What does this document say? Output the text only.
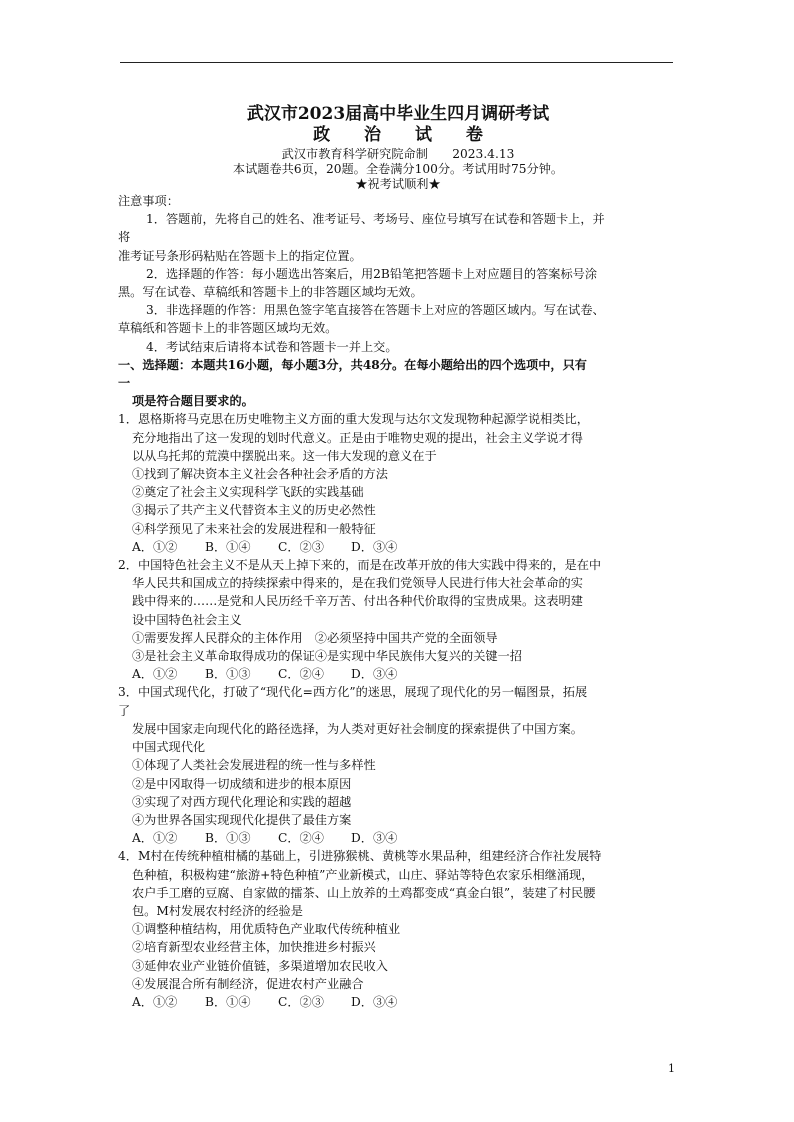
武汉市2023届高中毕业生四月调研考试
政 治 试 卷
武汉市教育科学研究院命制　　2023.4.13
本试题卷共6页，20题。全卷满分100分。考试用时75分钟。
★祝考试顺利★
注意事项：
1．答题前，先将自己的姓名、准考证号、考场号、座位号填写在试卷和答题卡上，并
将
准考证号条形码粘贴在答题卡上的指定位置。
2．选择题的作答：每小题选出答案后，用2B铅笔把答题卡上对应题目的答案标号涂
黑。写在试卷、草稿纸和答题卡上的非答题区域均无效。
3．非选择题的作答：用黑色签字笔直接答在答题卡上对应的答题区域内。写在试卷、
草稿纸和答题卡上的非答题区域均无效。
4．考试结束后请将本试卷和答题卡一并上交。
一、选择题：本题共16小题，每小题3分，共48分。在每小题给出的四个选项中，只有
一
项是符合题目要求的。
1．恩格斯将马克思在历史唯物主义方面的重大发现与达尔文发现物种起源学说相类比，
充分地指出了这一发现的划时代意义。正是由于唯物史观的提出，社会主义学说才得
以从乌托邦的荒漠中摆脱出来。这一伟大发现的意义在于
①找到了解决资本主义社会各种社会矛盾的方法
②奠定了社会主义实现科学飞跃的实践基础
③揭示了共产主义代替资本主义的历史必然性
④科学预见了未来社会的发展进程和一般特征
A．①②	B．①④	C．②③	D．③④
2．中国特色社会主义不是从天上掉下来的，而是在改革开放的伟大实践中得来的，是在中
华人民共和国成立的持续探索中得来的，是在我们党领导人民进行伟大社会革命的实
践中得来的……是党和人民历经千辛万苦、付出各种代价取得的宝贵成果。这表明建
设中国特色社会主义
①需要发挥人民群众的主体作用　②必须坚持中国共产党的全面领导
③是社会主义革命取得成功的保证④是实现中华民族伟大复兴的关键一招
A．①②	B．①③	C．②④	D．③④
3．中国式现代化，打破了“现代化=西方化”的迷思，展现了现代化的另一幅图景，拓展
了
发展中国家走向现代化的路径选择，为人类对更好社会制度的探索提供了中国方案。
中国式现代化
①体现了人类社会发展进程的统一性与多样性
②是中冈取得一切成绩和进步的根本原因
③实现了对西方现代化理论和实践的超越
④为世界各国实现现代化提供了最佳方案
A．①②	B．①③	C．②④	D．③④
4．M村在传统种植柑橘的基础上，引进猕猴桃、黄桃等水果品种，组建经济合作社发展特
色种植，积极构建“旅游+特色种植”产业新模式，山庄、驿站等特色农家乐相继涌现，
农户手工磨的豆腐、自家做的擂茶、山上放养的土鸡都变成“真金白银”，装建了村民腰
包。M村发展农村经济的经验是
①调整种植结构，用优质特色产业取代传统种植业
②培育新型农业经营主体，加快推进乡村振兴
③延伸农业产业链价值链，多渠道增加农民收入
④发展混合所有制经济，促进农村产业融合
A．①②	B．①④	C．②③	D．③④
1
